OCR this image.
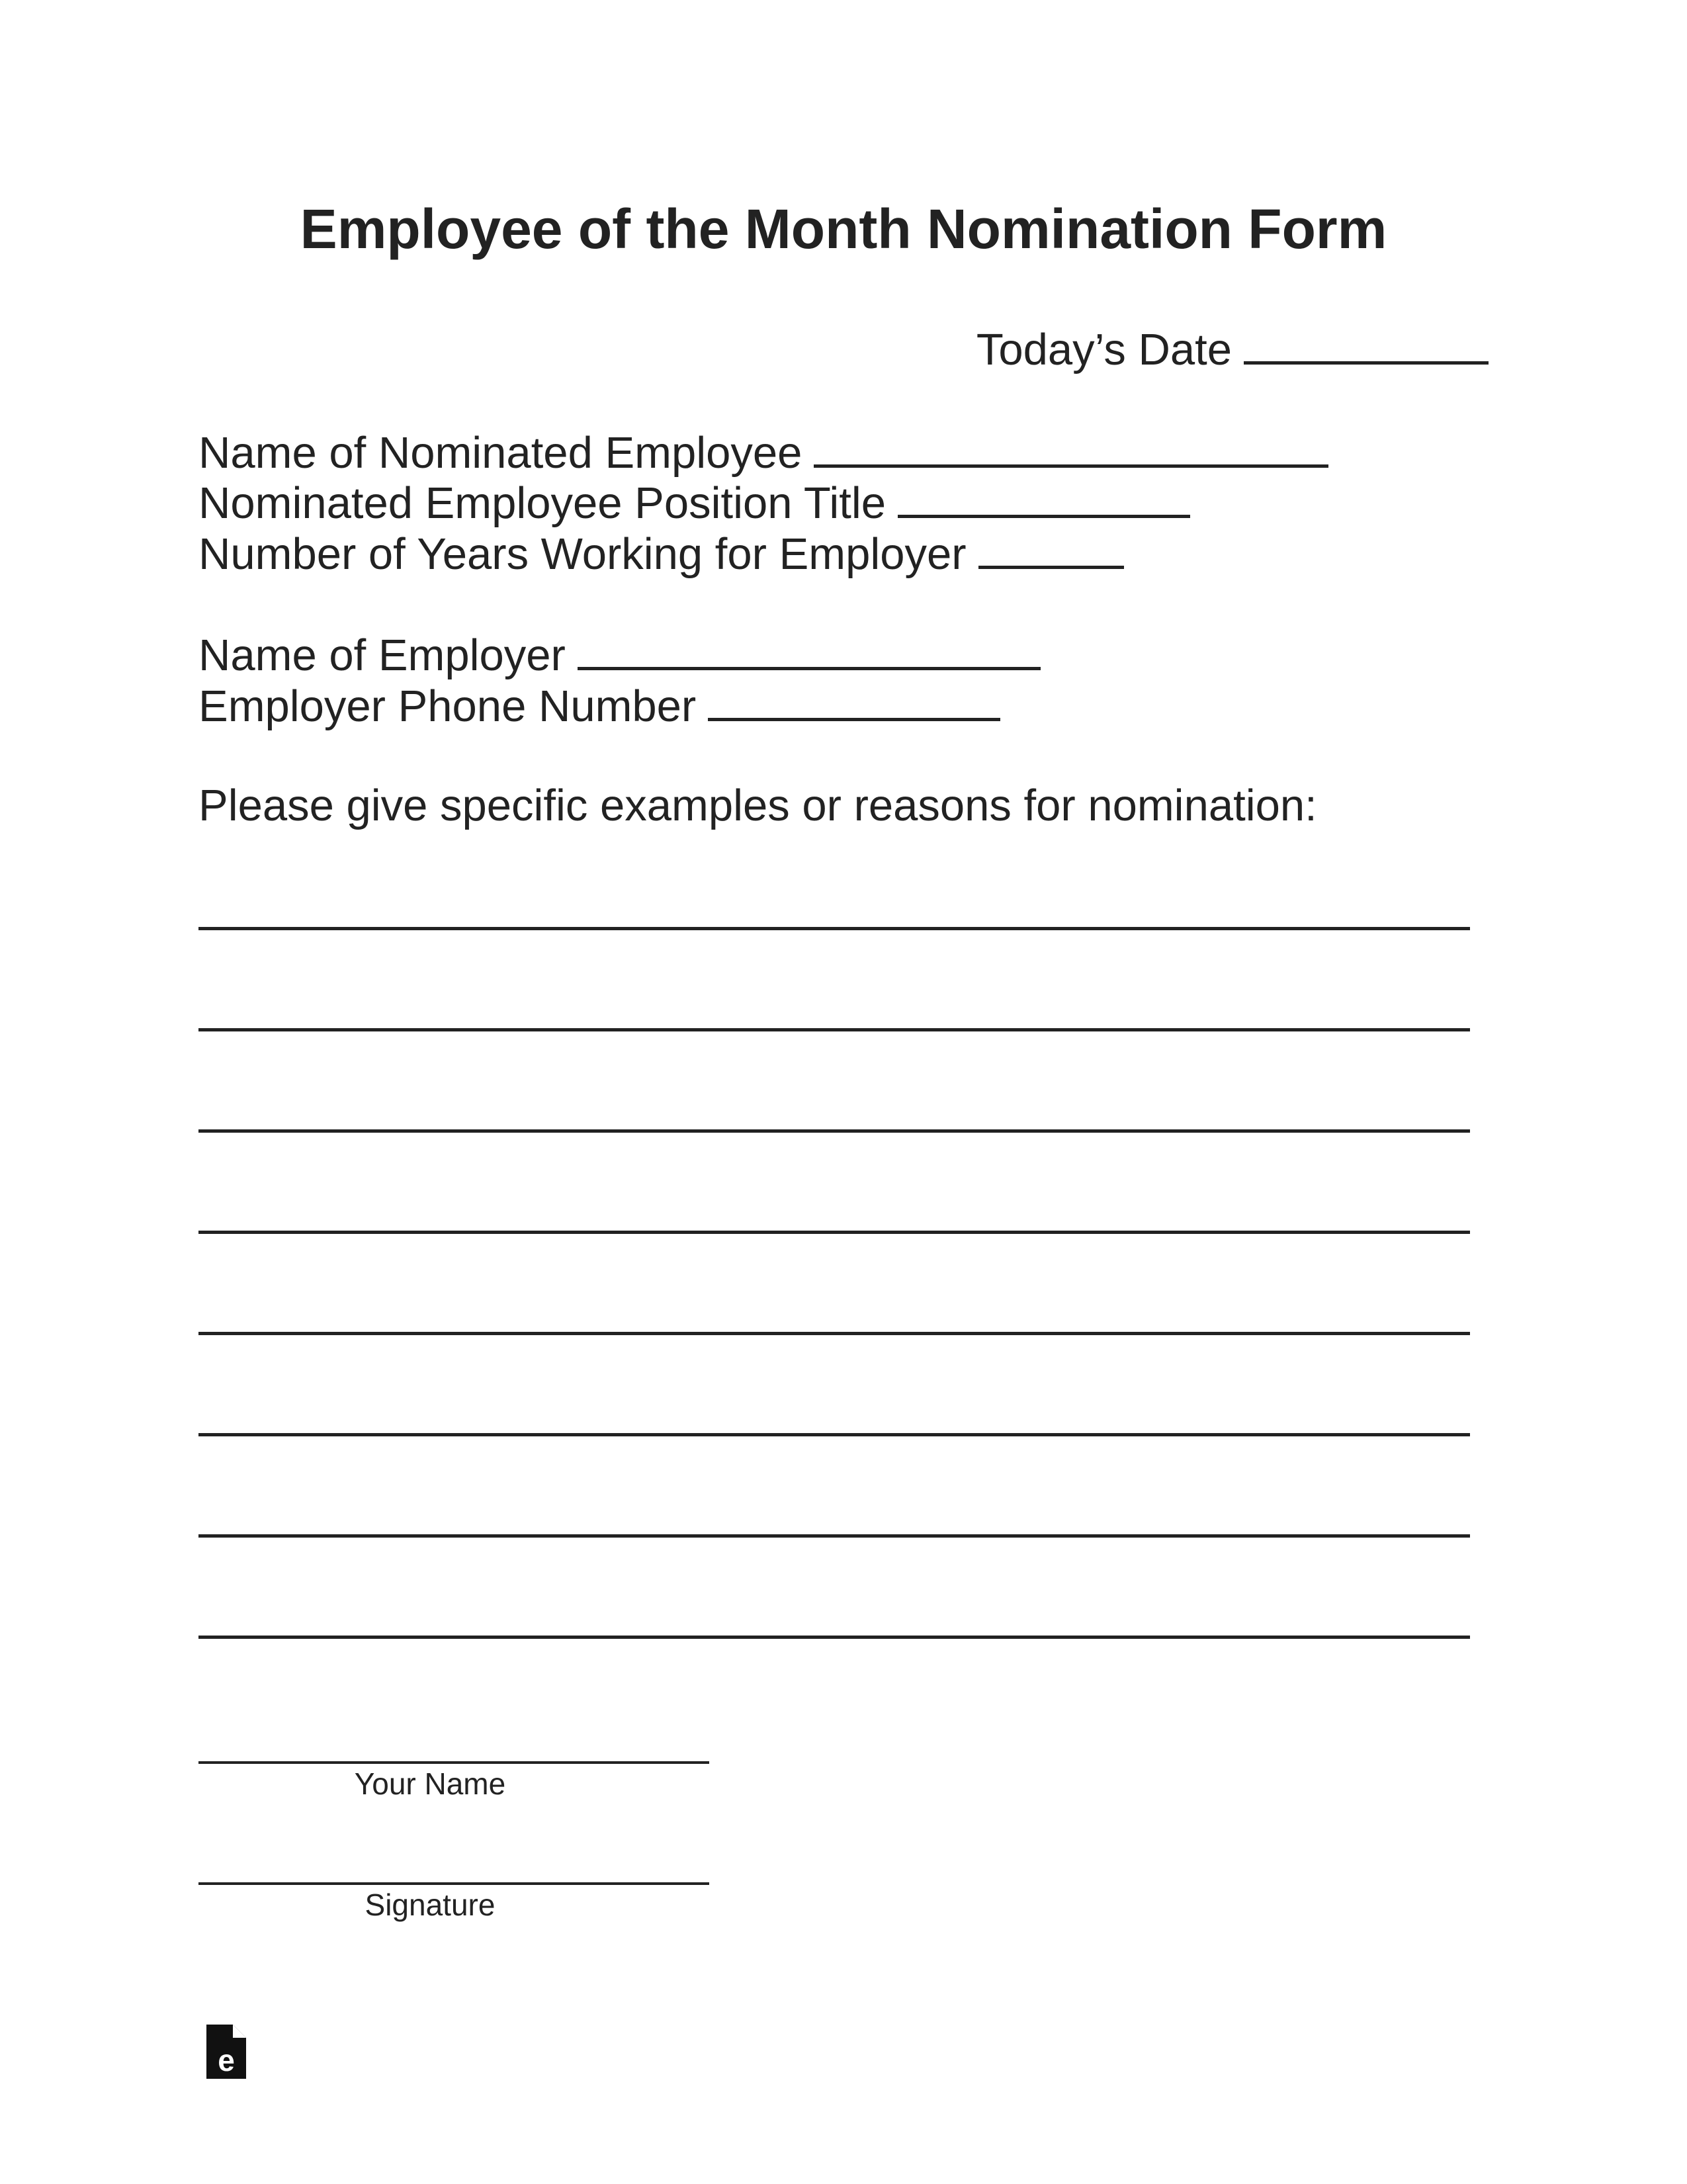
Employee of the Month Nomination Form
Today’s Date
Name of Nominated Employee
Nominated Employee Position Title
Number of Years Working for Employer
Name of Employer
Employer Phone Number
Please give specific examples or reasons for nomination:
Your Name
Signature
e
